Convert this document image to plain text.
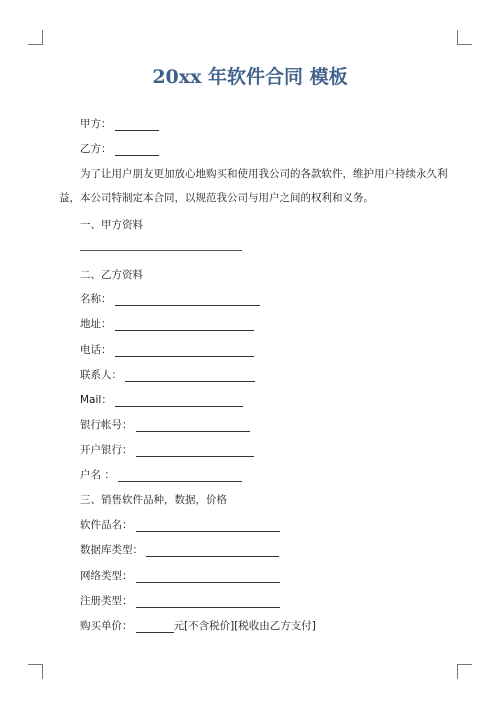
20xx 年软件合同 模板
甲方：
乙方：
为了让用户朋友更加放心地购买和使用我公司的各款软件，维护用户持续永久利
益，本公司特制定本合同，以规范我公司与用户之间的权利和义务。
一、甲方资料
二、乙方资料
名称：
地址：
电话：
联系人：
Mail：
银行帐号：
开户银行：
户名 ：
三、销售软件品种，数据，价格
软件品名：
数据库类型：
网络类型：
注册类型：
购买单价：	元[不含税价][税收由乙方支付]
